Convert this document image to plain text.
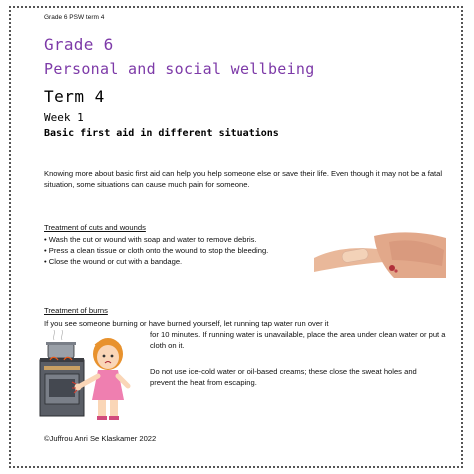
Grade 6 PSW term 4
Grade 6
Personal and social wellbeing
Term 4
Week 1
Basic first aid in different situations
Knowing more about basic first aid can help you help someone else or save their life. Even though it may not be a fatal situation, some situations can cause much pain for someone.
Treatment of cuts and wounds
• Wash the cut or wound with soap and water to remove debris.
• Press a clean tissue or cloth onto the wound to stop the bleeding.
• Close the wound or cut with a bandage.
Treatment of burns
If you see someone burning or have burned yourself, let running tap water run over it
for 10 minutes. If running water is unavailable, place the area under clean water or put a cloth on it.
Do not use ice-cold water or oil-based creams; these close the sweat holes and prevent the heat from escaping.
©Juffrou Anri Se Klaskamer 2022
